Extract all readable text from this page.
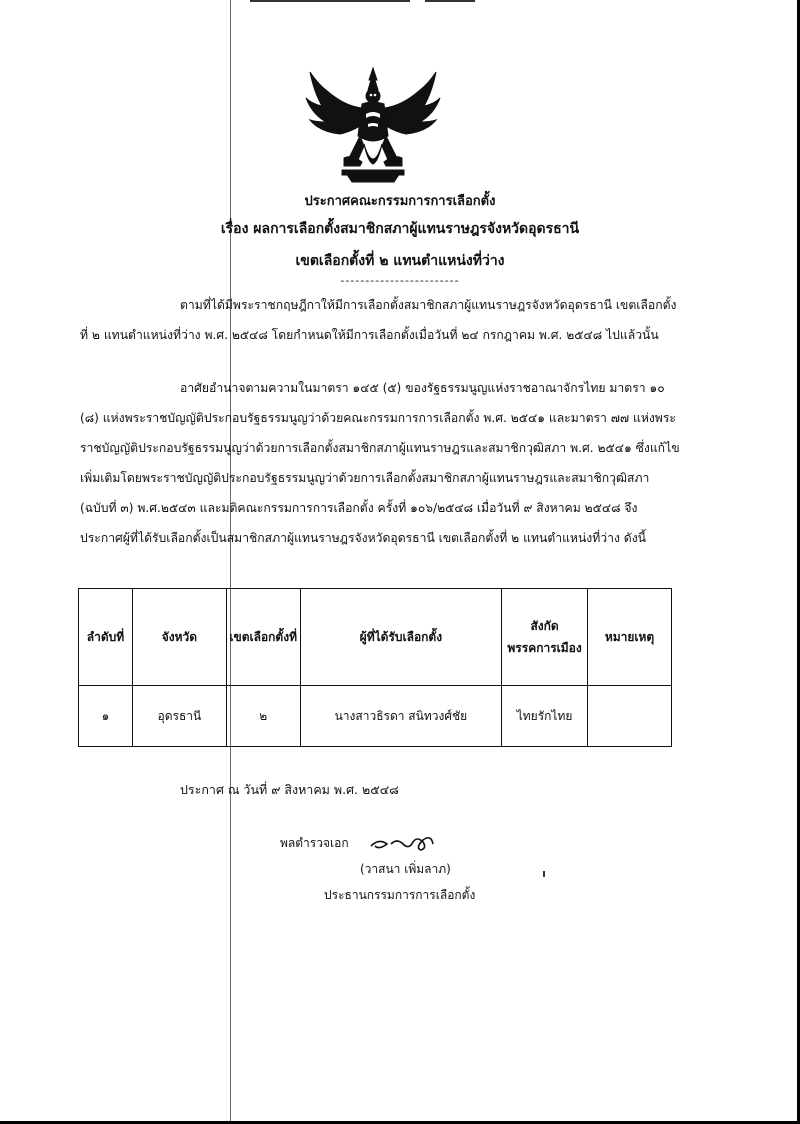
ประกาศคณะกรรมการการเลือกตั้ง
เรื่อง ผลการเลือกตั้งสมาชิกสภาผู้แทนราษฎรจังหวัดอุดรธานี
เขตเลือกตั้งที่ ๒ แทนตำแหน่งที่ว่าง
------------------------
ตามที่ได้มีพระราชกฤษฎีกาให้มีการเลือกตั้งสมาชิกสภาผู้แทนราษฎรจังหวัดอุดรธานี เขตเลือกตั้งที่ ๒ แทนตำแหน่งที่ว่าง พ.ศ. ๒๕๔๘ โดยกำหนดให้มีการเลือกตั้งเมื่อวันที่ ๒๔ กรกฎาคม พ.ศ. ๒๕๔๘ ไปแล้วนั้น
อาศัยอำนาจตามความในมาตรา ๑๔๕ (๕) ของรัฐธรรมนูญแห่งราชอาณาจักรไทย มาตรา ๑๐ (๘) แห่งพระราชบัญญัติประกอบรัฐธรรมนูญว่าด้วยคณะกรรมการการเลือกตั้ง พ.ศ. ๒๕๔๑ และมาตรา ๗๗ แห่งพระราชบัญญัติประกอบรัฐธรรมนูญว่าด้วยการเลือกตั้งสมาชิกสภาผู้แทนราษฎรและสมาชิกวุฒิสภา พ.ศ. ๒๕๔๑ ซึ่งแก้ไขเพิ่มเติมโดยพระราชบัญญัติประกอบรัฐธรรมนูญว่าด้วยการเลือกตั้งสมาชิกสภาผู้แทนราษฎรและสมาชิกวุฒิสภา (ฉบับที่ ๓) พ.ศ.๒๕๔๓ และมติคณะกรรมการการเลือกตั้ง ครั้งที่ ๑๐๖/๒๕๔๘ เมื่อวันที่ ๙ สิงหาคม ๒๕๔๘ จึงประกาศผู้ที่ได้รับเลือกตั้งเป็นสมาชิกสภาผู้แทนราษฎรจังหวัดอุดรธานี เขตเลือกตั้งที่ ๒ แทนตำแหน่งที่ว่าง ดังนี้
ลำดับที่	จังหวัด	เขตเลือกตั้งที่	ผู้ที่ได้รับเลือกตั้ง	สังกัดพรรคการเมือง	หมายเหตุ
๑	อุดรธานี	๒	นางสาวธิรดา สนิทวงศ์ชัย	ไทยรักไทย	
ประกาศ ณ วันที่ ๙ สิงหาคม พ.ศ. ๒๕๔๘
พลตำรวจเอก
(วาสนา เพิ่มลาภ)
ประธานกรรมการการเลือกตั้ง
